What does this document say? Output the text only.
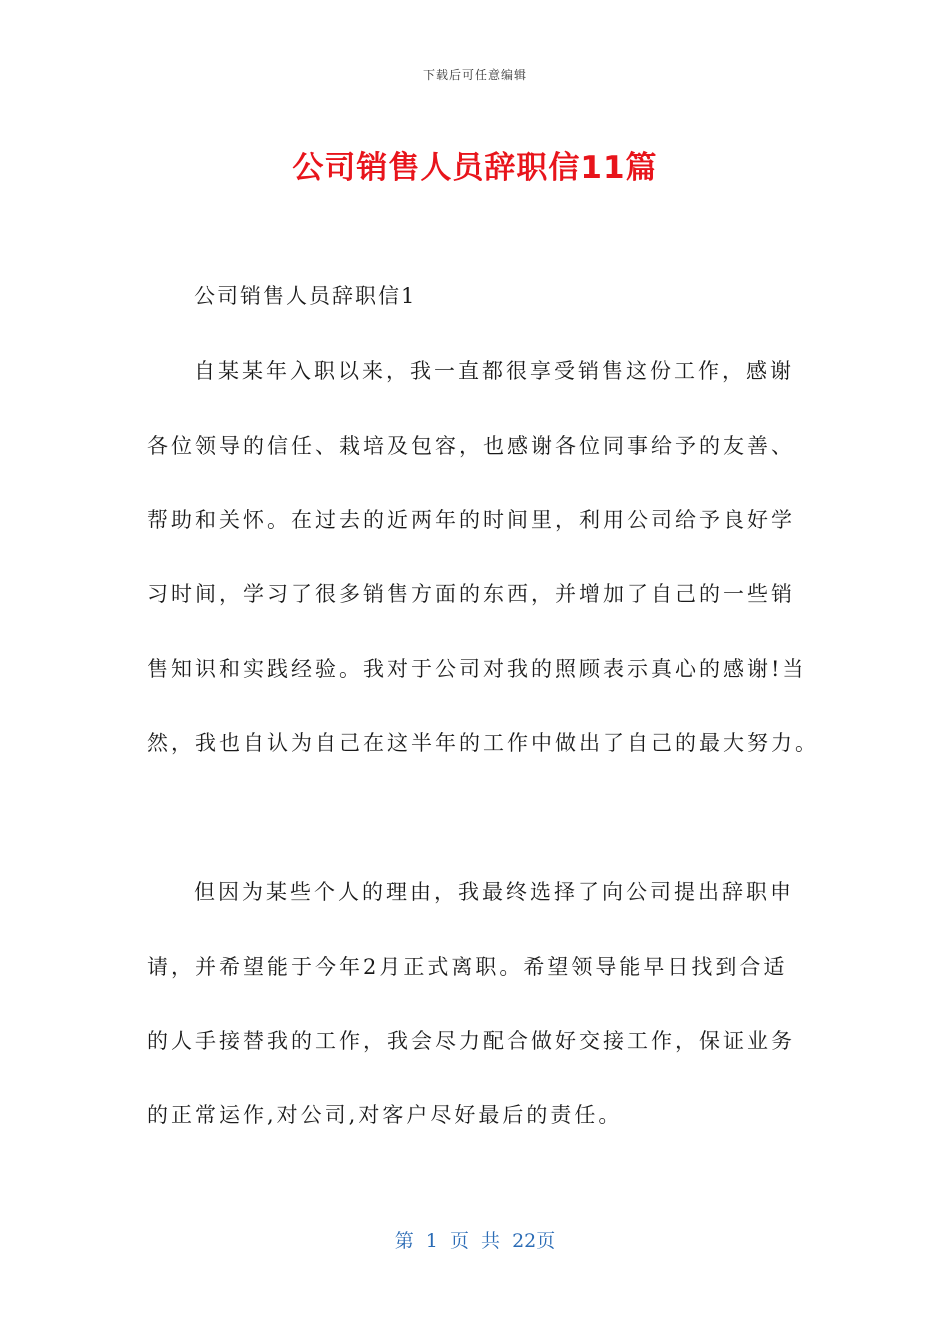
下载后可任意编辑
公司销售人员辞职信11篇
公司销售人员辞职信1
自某某年入职以来，我一直都很享受销售这份工作，感谢
各位领导的信任、栽培及包容，也感谢各位同事给予的友善、
帮助和关怀。在过去的近两年的时间里，利用公司给予良好学
习时间，学习了很多销售方面的东西，并增加了自己的一些销
售知识和实践经验。我对于公司对我的照顾表示真心的感谢!当
然，我也自认为自己在这半年的工作中做出了自己的最大努力。
但因为某些个人的理由，我最终选择了向公司提出辞职申
请，并希望能于今年2月正式离职。希望领导能早日找到合适
的人手接替我的工作，我会尽力配合做好交接工作，保证业务
的正常运作,对公司,对客户尽好最后的责任。
第 1 页 共 22页
